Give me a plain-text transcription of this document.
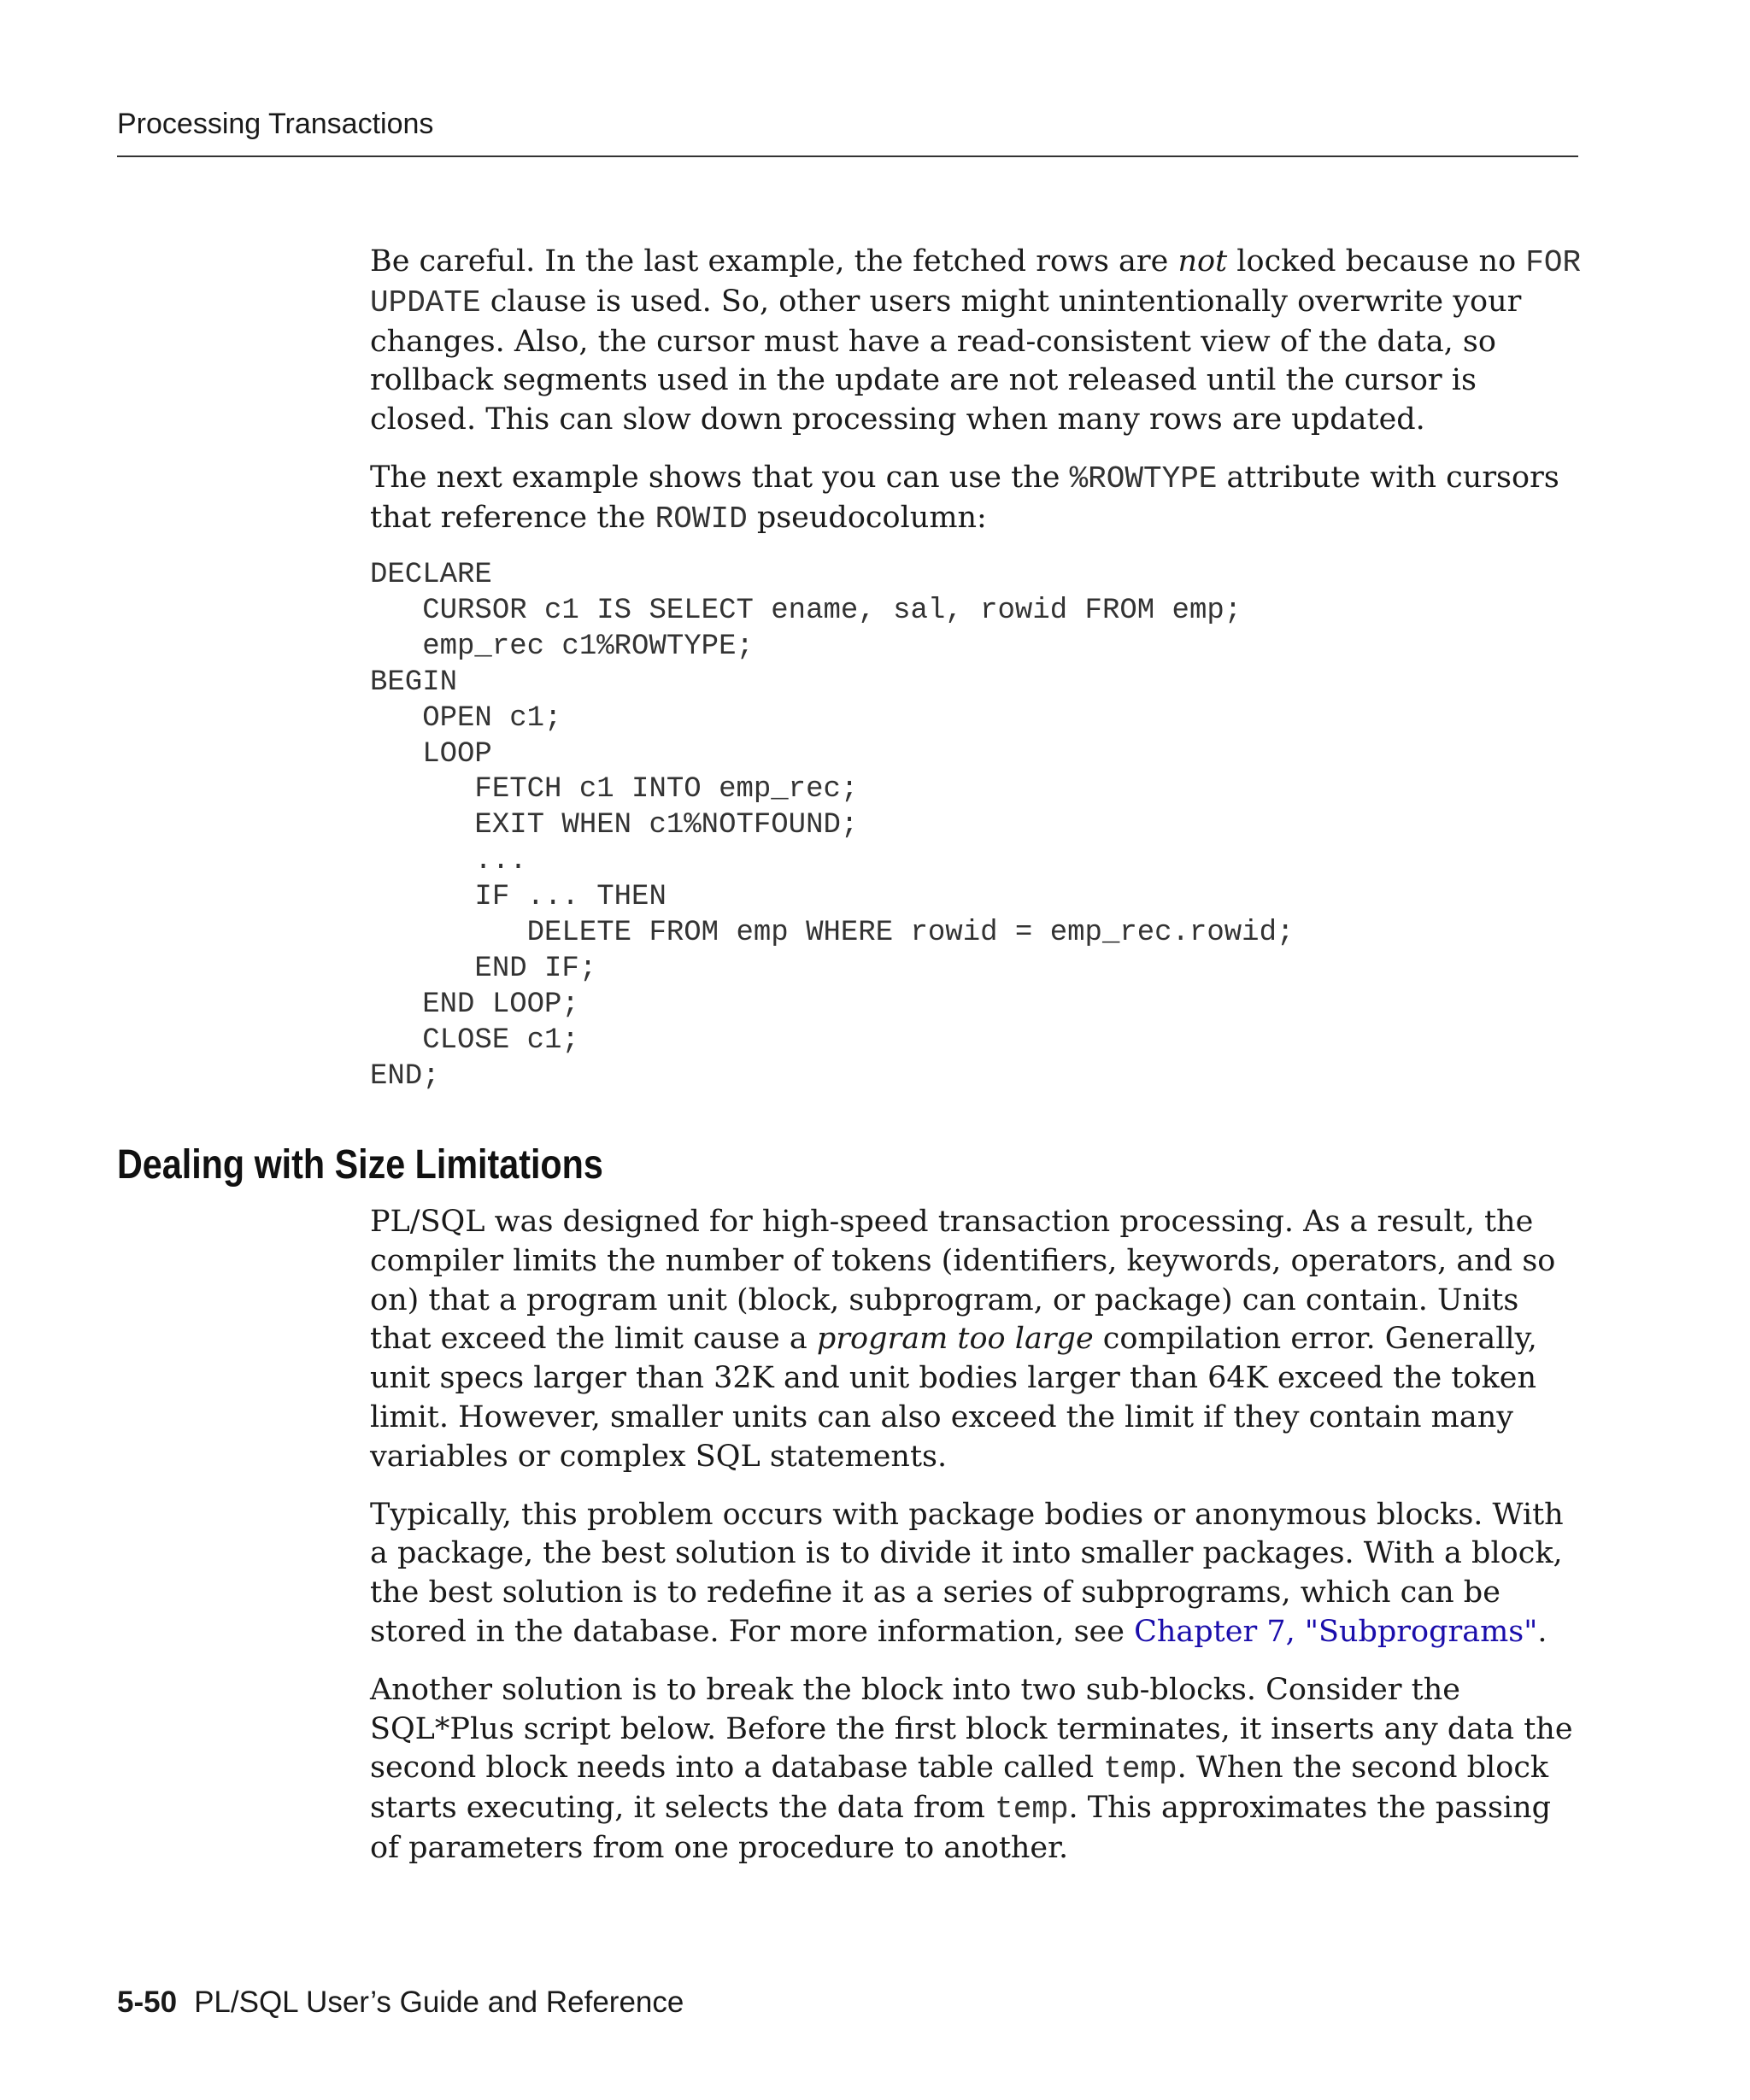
Processing Transactions

Be careful. In the last example, the fetched rows are not locked because no FOR UPDATE clause is used. So, other users might unintentionally overwrite your changes. Also, the cursor must have a read-consistent view of the data, so rollback segments used in the update are not released until the cursor is closed. This can slow down processing when many rows are updated.

The next example shows that you can use the %ROWTYPE attribute with cursors that reference the ROWID pseudocolumn:

DECLARE
CURSOR c1 IS SELECT ename, sal, rowid FROM emp;
emp_rec c1%ROWTYPE;
BEGIN
OPEN c1;
LOOP
FETCH c1 INTO emp_rec;
EXIT WHEN c1%NOTFOUND;
...
IF ... THEN
DELETE FROM emp WHERE rowid = emp_rec.rowid;
END IF;
END LOOP;
CLOSE c1;
END;
Dealing with Size Limitations

PL/SQL was designed for high-speed transaction processing. As a result, the compiler limits the number of tokens (identifiers, keywords, operators, and so on) that a program unit (block, subprogram, or package) can contain. Units that exceed the limit cause a program too large compilation error. Generally, unit specs larger than 32K and unit bodies larger than 64K exceed the token limit. However, smaller units can also exceed the limit if they contain many variables or complex SQL statements.

Typically, this problem occurs with package bodies or anonymous blocks. With a package, the best solution is to divide it into smaller packages. With a block, the best solution is to redefine it as a series of subprograms, which can be stored in the database. For more information, see Chapter 7, "Subprograms".

Another solution is to break the block into two sub-blocks. Consider the SQL*Plus script below. Before the first block terminates, it inserts any data the second block needs into a database table called temp. When the second block starts executing, it selects the data from temp. This approximates the passing of parameters from one procedure to another.

5-50 PL/SQL User’s Guide and Reference
